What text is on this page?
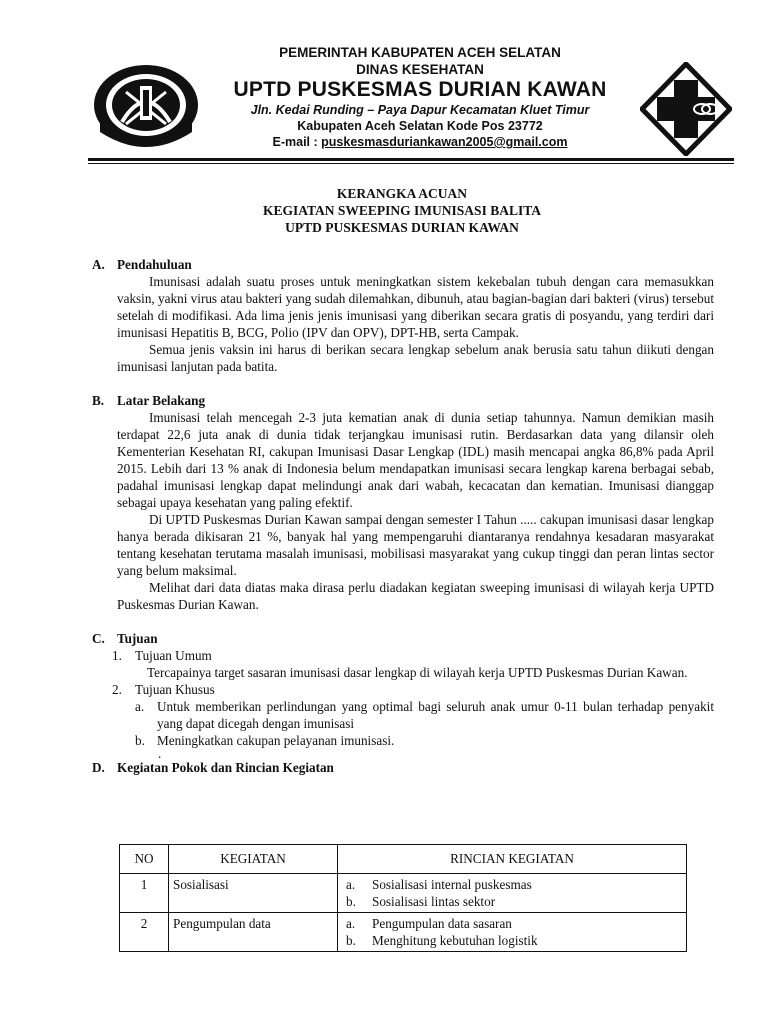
PEMERINTAH KABUPATEN ACEH SELATAN
DINAS KESEHATAN
UPTD PUSKESMAS DURIAN KAWAN
Jln. Kedai Runding – Paya Dapur Kecamatan Kluet Timur
Kabupaten Aceh Selatan Kode Pos 23772
E-mail : puskesmasduriankawan2005@gmail.com
KERANGKA ACUAN
KEGIATAN SWEEPING IMUNISASI BALITA
UPTD PUSKESMAS DURIAN KAWAN
A. Pendahuluan

Imunisasi adalah suatu proses untuk meningkatkan sistem kekebalan tubuh dengan cara memasukkan vaksin, yakni virus atau bakteri yang sudah dilemahkan, dibunuh, atau bagian-bagian dari bakteri (virus) tersebut setelah di modifikasi. Ada lima jenis jenis imunisasi yang diberikan secara gratis di posyandu, yang terdiri dari imunisasi Hepatitis B, BCG, Polio (IPV dan OPV), DPT-HB, serta Campak.

Semua jenis vaksin ini harus di berikan secara lengkap sebelum anak berusia satu tahun diikuti dengan imunisasi lanjutan pada batita.

B. Latar Belakang

Imunisasi telah mencegah 2-3 juta kematian anak di dunia setiap tahunnya. Namun demikian masih terdapat 22,6 juta anak di dunia tidak terjangkau imunisasi rutin. Berdasarkan data yang dilansir oleh Kementerian Kesehatan RI, cakupan Imunisasi Dasar Lengkap (IDL) masih mencapai angka 86,8% pada April 2015. Lebih dari 13 % anak di Indonesia belum mendapatkan imunisasi secara lengkap karena berbagai sebab, padahal imunisasi lengkap dapat melindungi anak dari wabah, kecacatan dan kematian. Imunisasi dianggap sebagai upaya kesehatan yang paling efektif.

Di UPTD Puskesmas Durian Kawan sampai dengan semester I Tahun ..... cakupan imunisasi dasar lengkap hanya berada dikisaran 21 %, banyak hal yang mempengaruhi diantaranya rendahnya kesadaran masyarakat tentang kesehatan terutama masalah imunisasi, mobilisasi masyarakat yang cukup tinggi dan peran lintas sector yang belum maksimal.

Melihat dari data diatas maka dirasa perlu diadakan kegiatan sweeping imunisasi di wilayah kerja UPTD Puskesmas Durian Kawan.

C. Tujuan
1. Tujuan Umum

Tercapainya target sasaran imunisasi dasar lengkap di wilayah kerja UPTD Puskesmas Durian Kawan.

2. Tujuan Khusus
a. Untuk memberikan perlindungan yang optimal bagi seluruh anak umur 0-11 bulan terhadap penyakit yang dapat dicegah dengan imunisasi

b. Meningkatkan cakupan pelayanan imunisasi.

.
D. Kegiatan Pokok dan Rincian Kegiatan
NO	KEGIATAN	RINCIAN KEGIATAN
1	Sosialisasi	a. Sosialisasi internal puskesmas
b. Sosialisasi lintas sektor

2	Pengumpulan data	a. Pengumpulan data sasaran
b. Menghitung kebutuhan logistik
